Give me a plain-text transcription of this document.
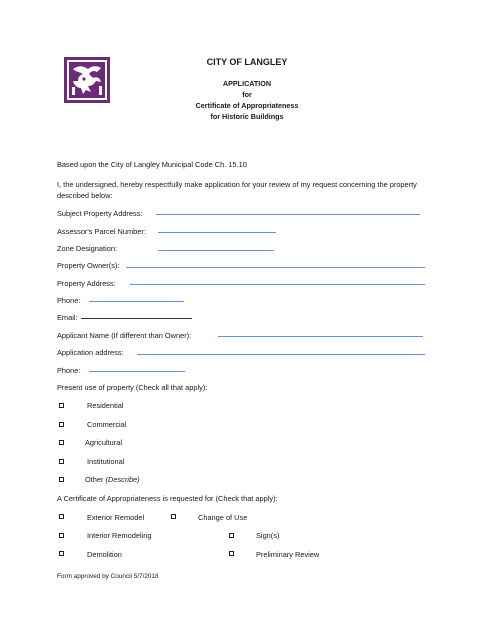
CITY OF LANGLEY
APPLICATION
for
Certificate of Appropriateness
for Historic Buildings
Based upon the City of Langley Municipal Code Ch. 15.10
I, the undersigned, hereby respectfully make application for your review of my request concerning the property described below:
Subject Property Address:
Assessor's Parcel Number:
Zone Designation:
Property Owner(s):
Property Address:
Phone:
Email:
Applicant Name (If different than Owner):
Application address:
Phone:
Present use of property (Check all that apply):
Residential
Commercial
Agricultural
Institutional
Other (Describe)
A Certificate of Appropriateness is requested for (Check that apply):
Exterior Remodel	Change of Use
Interior Remodeling	Sign(s)
Demolition	Preliminary Review
Form approved by Council 5/7/2018
